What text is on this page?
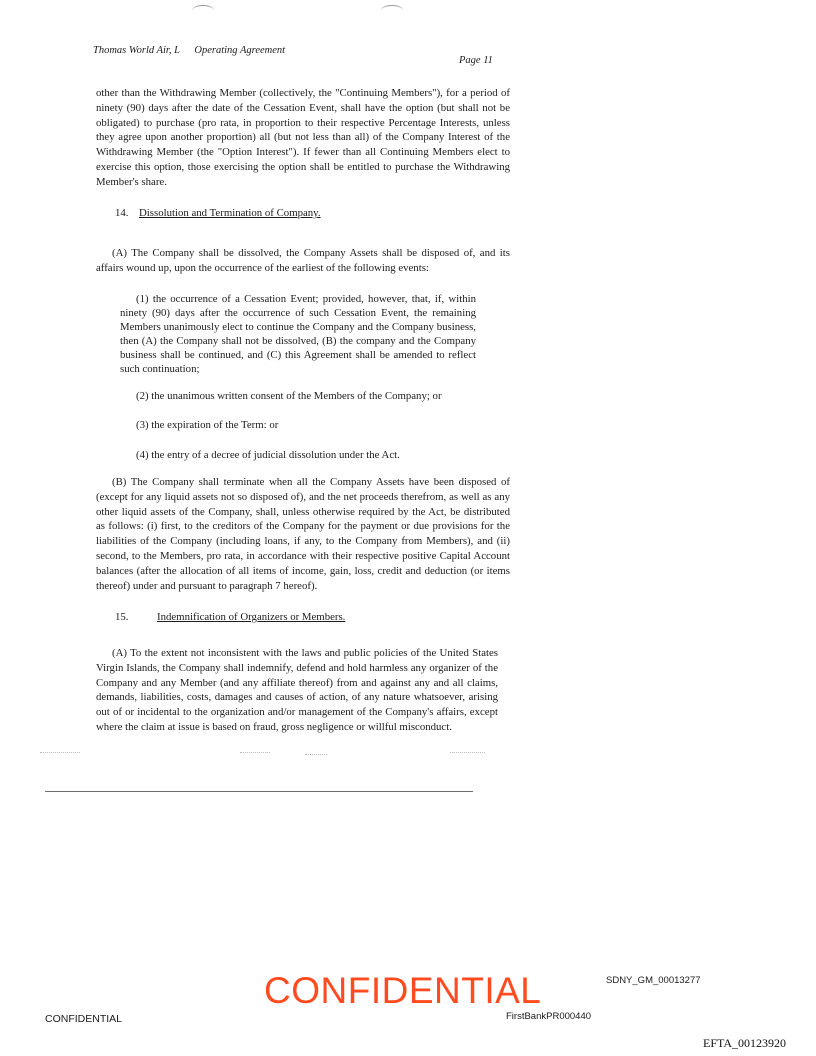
Thomas World Air, L Operating Agreement
Page 11

other than the Withdrawing Member (collectively, the "Continuing Members"), for a period of ninety (90) days after the date of the Cessation Event, shall have the option (but shall not be obligated) to purchase (pro rata, in proportion to their respective Percentage Interests, unless they agree upon another proportion) all (but not less than all) of the Company Interest of the Withdrawing Member (the "Option Interest"). If fewer than all Continuing Members elect to exercise this option, those exercising the option shall be entitled to purchase the Withdrawing Member's share.

14. Dissolution and Termination of Company.

(A) The Company shall be dissolved, the Company Assets shall be disposed of, and its affairs wound up, upon the occurrence of the earliest of the following events:

(1) the occurrence of a Cessation Event; provided, however, that, if, within ninety (90) days after the occurrence of such Cessation Event, the remaining Members unanimously elect to continue the Company and the Company business, then (A) the Company shall not be dissolved, (B) the company and the Company business shall be continued, and (C) this Agreement shall be amended to reflect such continuation;

(2) the unanimous written consent of the Members of the Company; or
(3) the expiration of the Term: or
(4) the entry of a decree of judicial dissolution under the Act.

(B) The Company shall terminate when all the Company Assets have been disposed of (except for any liquid assets not so disposed of), and the net proceeds therefrom, as well as any other liquid assets of the Company, shall, unless otherwise required by the Act, be distributed as follows: (i) first, to the creditors of the Company for the payment or due provisions for the liabilities of the Company (including loans, if any, to the Company from Members), and (ii) second, to the Members, pro rata, in accordance with their respective positive Capital Account balances (after the allocation of all items of income, gain, loss, credit and deduction (or items thereof) under and pursuant to paragraph 7 hereof).

15.	Indemnification of Organizers or Members.

(A) To the extent not inconsistent with the laws and public policies of the United States Virgin Islands, the Company shall indemnify, defend and hold harmless any organizer of the Company and any Member (and any affiliate thereof) from and against any and all claims, demands, liabilities, costs, damages and causes of action, of any nature whatsoever, arising out of or incidental to the organization and/or management of the Company's affairs, except where the claim at issue is based on fraud, gross negligence or willful misconduct.

SDNY_GM_00013277
CONFIDENTIAL
CONFIDENTIAL	FirstBankPR000440
EFTA_00123920
